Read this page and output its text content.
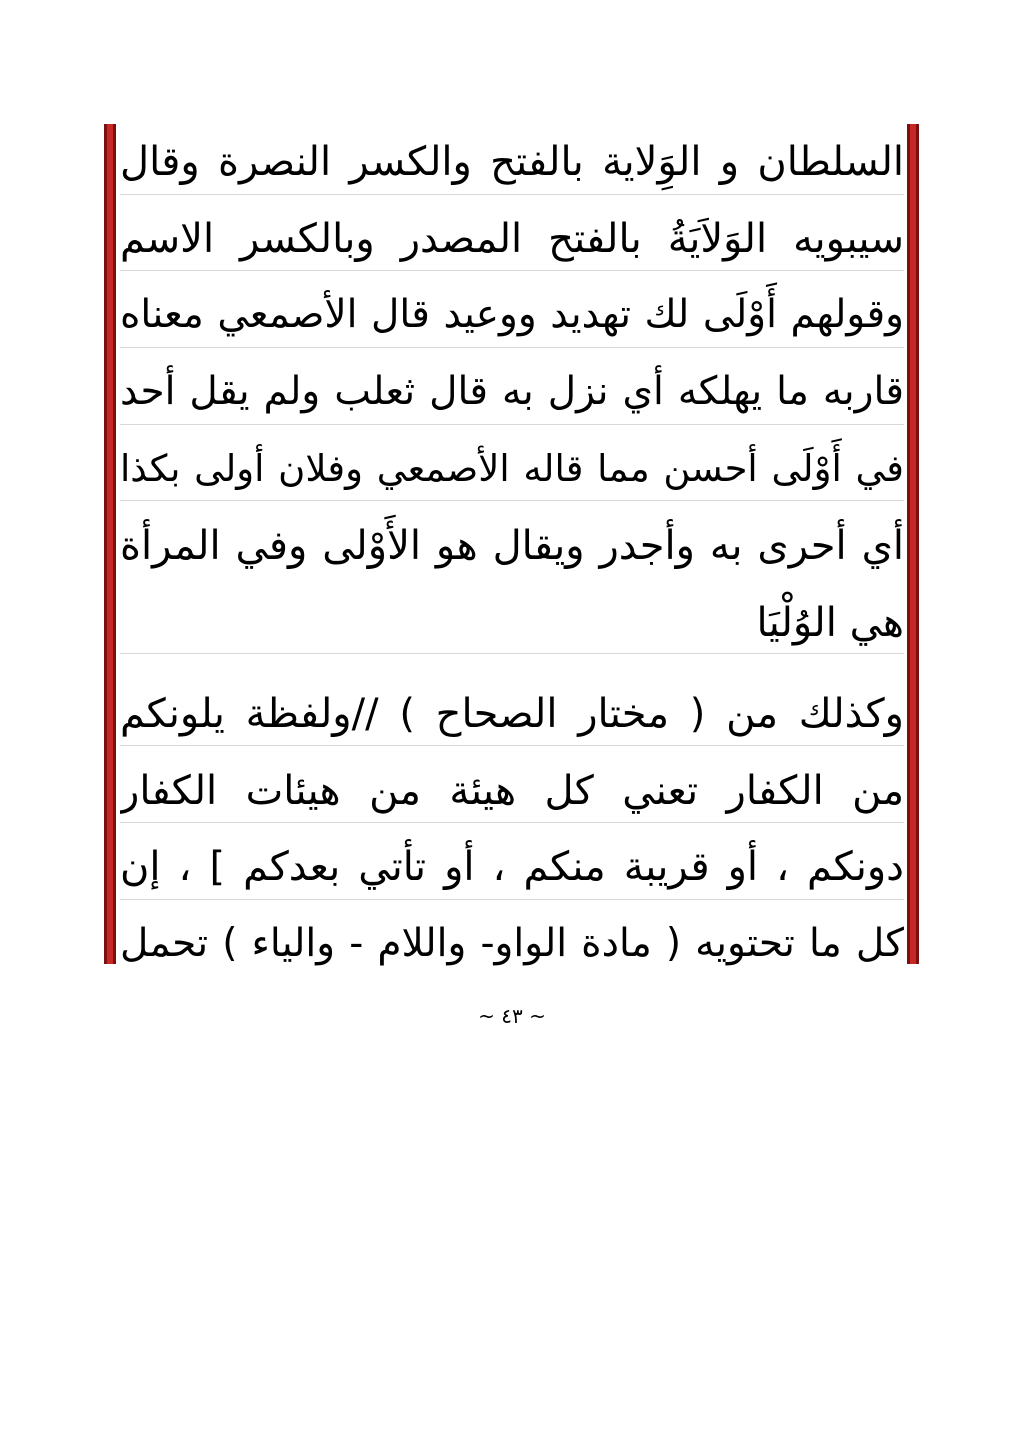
السلطان و الوَِلاية بالفتح والكسر النصرة وقال
سيبويه الوَلاَيَةُ بالفتح المصدر وبالكسر الاسم
وقولهم أَوْلَى لك تهديد ووعيد قال الأصمعي معناه
قاربه ما يهلكه أي نزل به قال ثعلب ولم يقل أحد
في أَوْلَى أحسن مما قاله الأصمعي وفلان أولى بكذا
أي أحرى به وأجدر ويقال هو الأَوْلى وفي المرأة
هي الوُلْيَا
وكذلك من ( مختار الصحاح ) //ولفظة يلونكم
من الكفار تعني كل هيئة من هيئات الكفار
دونكم ، أو قريبة منكم ، أو تأتي بعدكم ] ، إن
كل ما تحتويه ( مادة الواو- واللام - والياء ) تحمل
~ ٤٣ ~
